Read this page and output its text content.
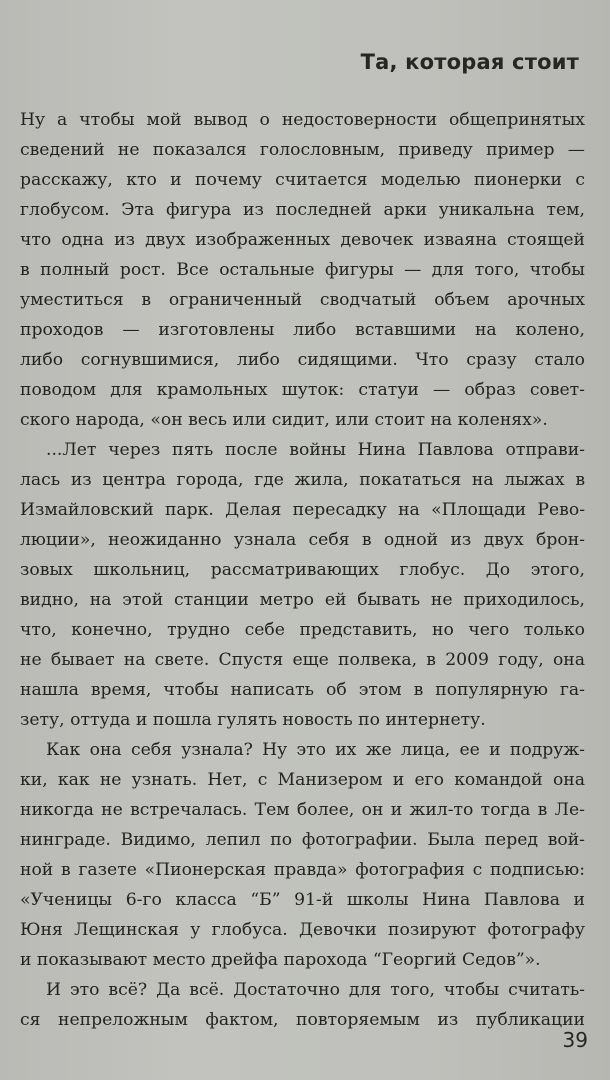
Та, которая стоит
Ну а чтобы мой вывод о недостоверности общепринятых
сведений не показался голословным, приведу пример —
расскажу, кто и почему считается моделью пионерки с
глобусом. Эта фигура из последней арки уникальна тем,
что одна из двух изображенных девочек изваяна стоящей
в полный рост. Все остальные фигуры — для того, чтобы
уместиться в ограниченный сводчатый объем арочных
проходов — изготовлены либо вставшими на колено,
либо согнувшимися, либо сидящими. Что сразу стало
поводом для крамольных шуток: статуи — образ совет-
ского народа, «он весь или сидит, или стоит на коленях».
...Лет через пять после войны Нина Павлова отправи-
лась из центра города, где жила, покататься на лыжах в
Измайловский парк. Делая пересадку на «Площади Рево-
люции», неожиданно узнала себя в одной из двух брон-
зовых школьниц, рассматривающих глобус. До этого,
видно, на этой станции метро ей бывать не приходилось,
что, конечно, трудно себе представить, но чего только
не бывает на свете. Спустя еще полвека, в 2009 году, она
нашла время, чтобы написать об этом в популярную га-
зету, оттуда и пошла гулять новость по интернету.
Как она себя узнала? Ну это их же лица, ее и подруж-
ки, как не узнать. Нет, с Манизером и его командой она
никогда не встречалась. Тем более, он и жил-то тогда в Ле-
нинграде. Видимо, лепил по фотографии. Была перед вой-
ной в газете «Пионерская правда» фотография с подписью:
«Ученицы 6-го класса “Б” 91-й школы Нина Павлова и
Юня Лещинская у глобуса. Девочки позируют фотографу
и показывают место дрейфа парохода “Георгий Седов”».
И это всё? Да всё. Достаточно для того, чтобы считать-
ся непреложным фактом, повторяемым из публикации
39
